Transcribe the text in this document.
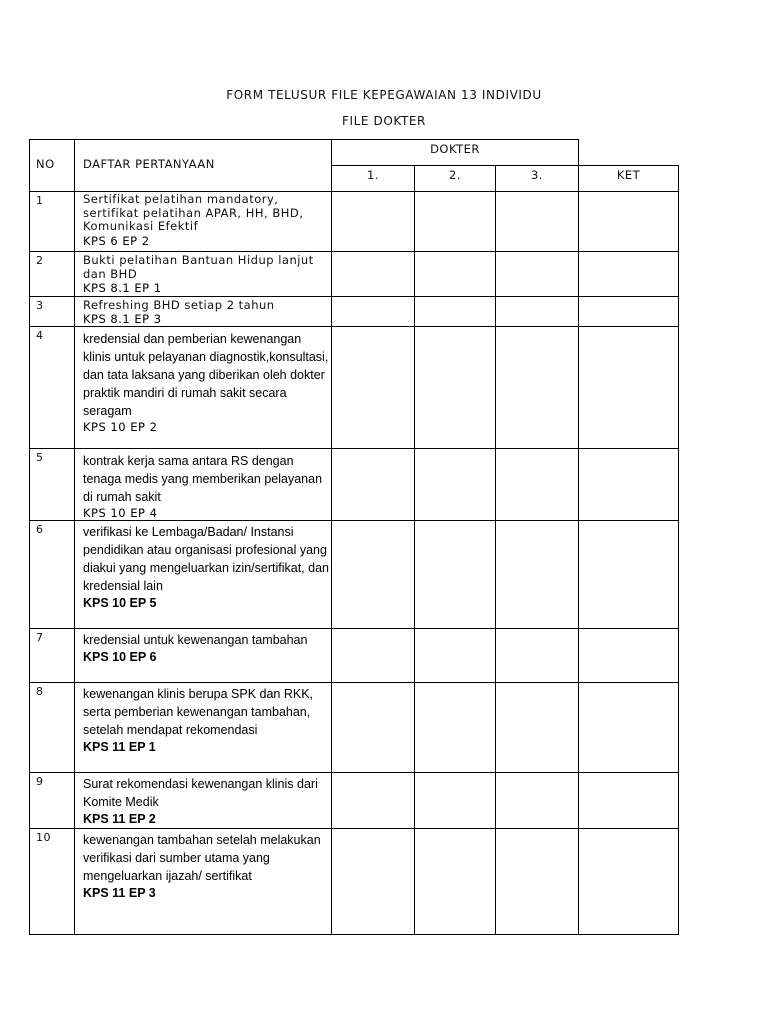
FORM TELUSUR FILE KEPEGAWAIAN 13 INDIVIDU
FILE DOKTER
NO	DAFTAR PERTANYAAN	DOKTER			
		1.	2.	3.	KET
1	Sertifikat pelatihan mandatory, sertifikat pelatihan APAR, HH, BHD, Komunikasi Efektif
KPS 6 EP 2				

2	Bukti pelatihan Bantuan Hidup lanjut dan BHD
KPS 8.1 EP 1				

3	Refreshing BHD setiap 2 tahun
KPS 8.1 EP 3				

4	kredensial dan pemberian kewenangan klinis untuk pelayanan diagnostik,konsultasi, dan tata laksana yang diberikan oleh dokter praktik mandiri di rumah sakit secara seragam
KPS 10 EP 2				

5	kontrak kerja sama antara RS dengan tenaga medis yang memberikan pelayanan di rumah sakit
KPS 10 EP 4				

6	verifikasi ke Lembaga/Badan/ Instansi pendidikan atau organisasi profesional yang diakui yang mengeluarkan izin/sertifikat, dan kredensial lain
KPS 10 EP 5				

7	kredensial untuk kewenangan tambahan
KPS 10 EP 6				

8	kewenangan klinis berupa SPK dan RKK, serta pemberian kewenangan tambahan, setelah mendapat rekomendasi
KPS 11 EP 1				

9	Surat rekomendasi kewenangan klinis dari Komite Medik
KPS 11 EP 2				

10	kewenangan tambahan setelah melakukan verifikasi dari sumber utama yang mengeluarkan ijazah/ sertifikat
KPS 11 EP 3				
